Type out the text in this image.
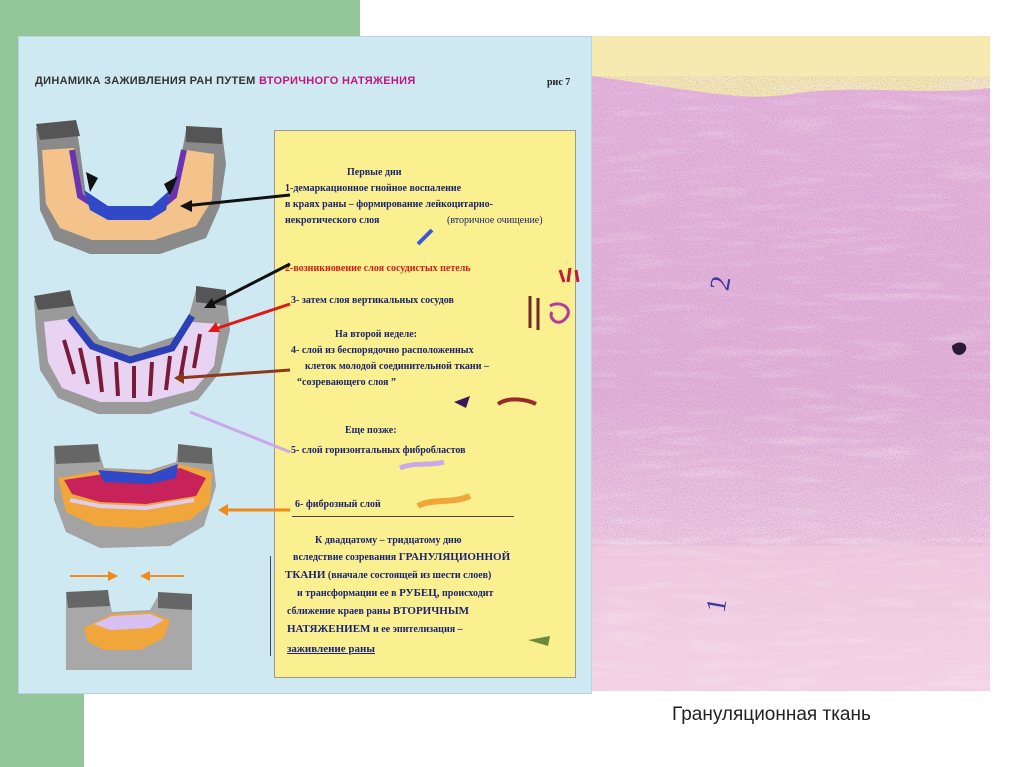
рис 7
ДИНАМИКА ЗАЖИВЛЕНИЯ РАН ПУТЕМ ВТОРИЧНОГО НАТЯЖЕНИЯ
Первые дни
1-демаркационное гнойное воспаление
в краях раны – формирование лейкоцитарно-
некротического слоя	(вторичное очищение)
2-возникновение слоя сосудистых петель
3- затем слоя вертикальных сосудов
На второй неделе:
4- слой из беспорядочно расположенных
клеток молодой соединительной ткани –
“созревающего слоя ”
Еще позже:
5- слой горизонтальных фибробластов
6- фиброзный слой
К двадцатому – тридцатому дню
вследствие созревания ГРАНУЛЯЦИОННОЙ
ТКАНИ (вначале состоящей из шести слоев)
и трансформации ее в РУБЕЦ, происходит
сближение краев раны ВТОРИЧНЫМ
НАТЯЖЕНИЕМ и ее эпителизация –
заживление раны
2
1
Грануляционная ткань
